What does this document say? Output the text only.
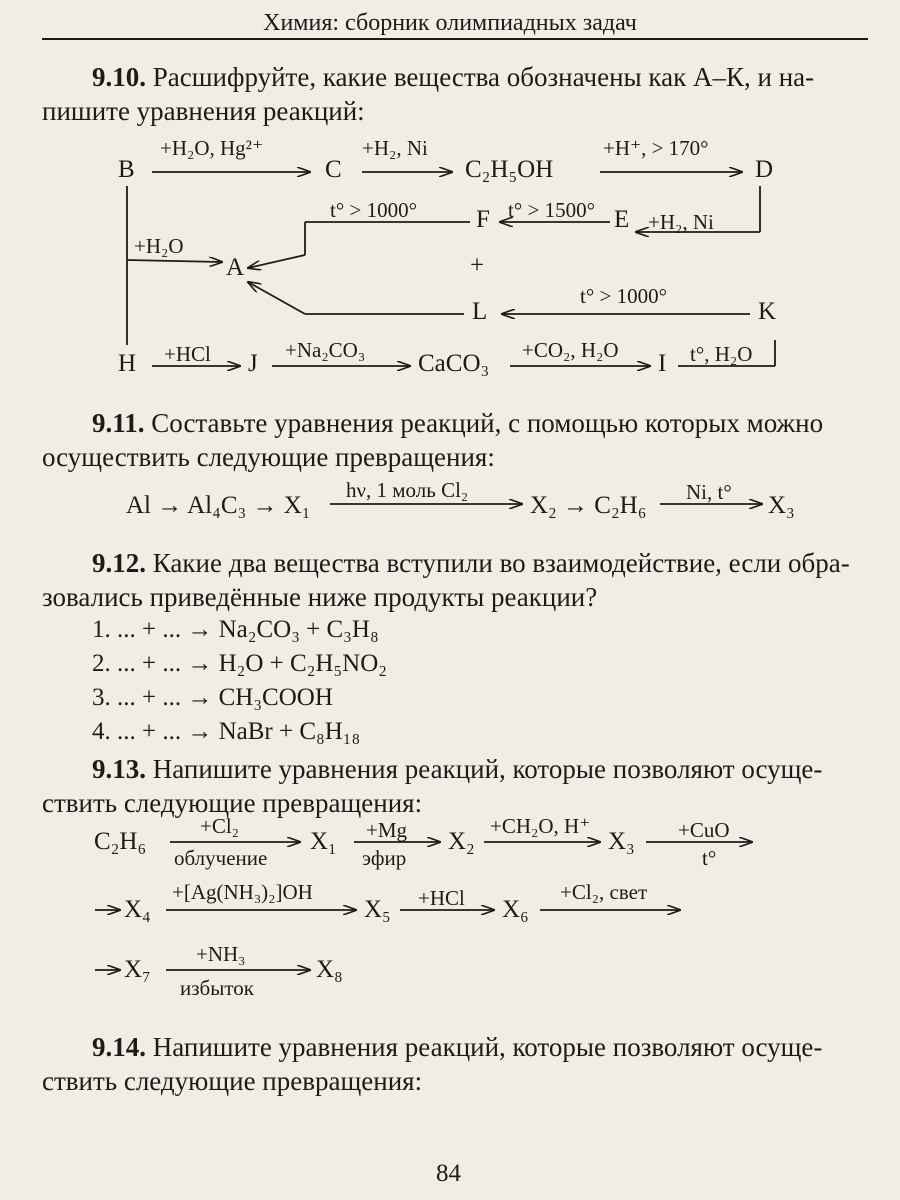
Химия: сборник олимпиадных задач
9.10. Расшифруйте, какие вещества обозначены как А–К, и на-
пишите уравнения реакций:
B
+H₂O, Hg²⁺
C
+H₂, Ni
C₂H₅OH
+H⁺, > 170°
D
t° > 1000° F t° > 1500° E +H₂, Ni
+H₂O
A	+
t° > 1000°
L	K
H +HCl J +Na₂CO₃ CaCO₃ +CO₂, H₂O I t°, H₂O
9.11. Составьте уравнения реакций, с помощью которых можно
осуществить следующие превращения:
Al → Al₄C₃ → X₁
hν, 1 моль Cl₂
X₂ → C₂H₆ Ni, t° X₃
9.12. Какие два вещества вступили во взаимодействие, если обра-
зовались приведённые ниже продукты реакции?
1. ... + ... → Na₂CO₃ + C₃H₈
2. ... + ... → H₂O + C₂H₅NO₂
3. ... + ... → CH₃COOH
4. ... + ... → NaBr + C₈H₁₈
9.13. Напишите уравнения реакций, которые позволяют осуще-
ствить следующие превращения:
C₂H₆
+Cl₂
облучение
X₁ +Mg
эфир
X₂
+CH₂O, H⁺
X₃ +CuO
t°
X₄
+[Ag(NH₃)₂]OH
X₅ +HCl X₆
+Cl₂, свет
X₇
+NH₃
избыток
X₈
9.14. Напишите уравнения реакций, которые позволяют осуще-
ствить следующие превращения:
84
